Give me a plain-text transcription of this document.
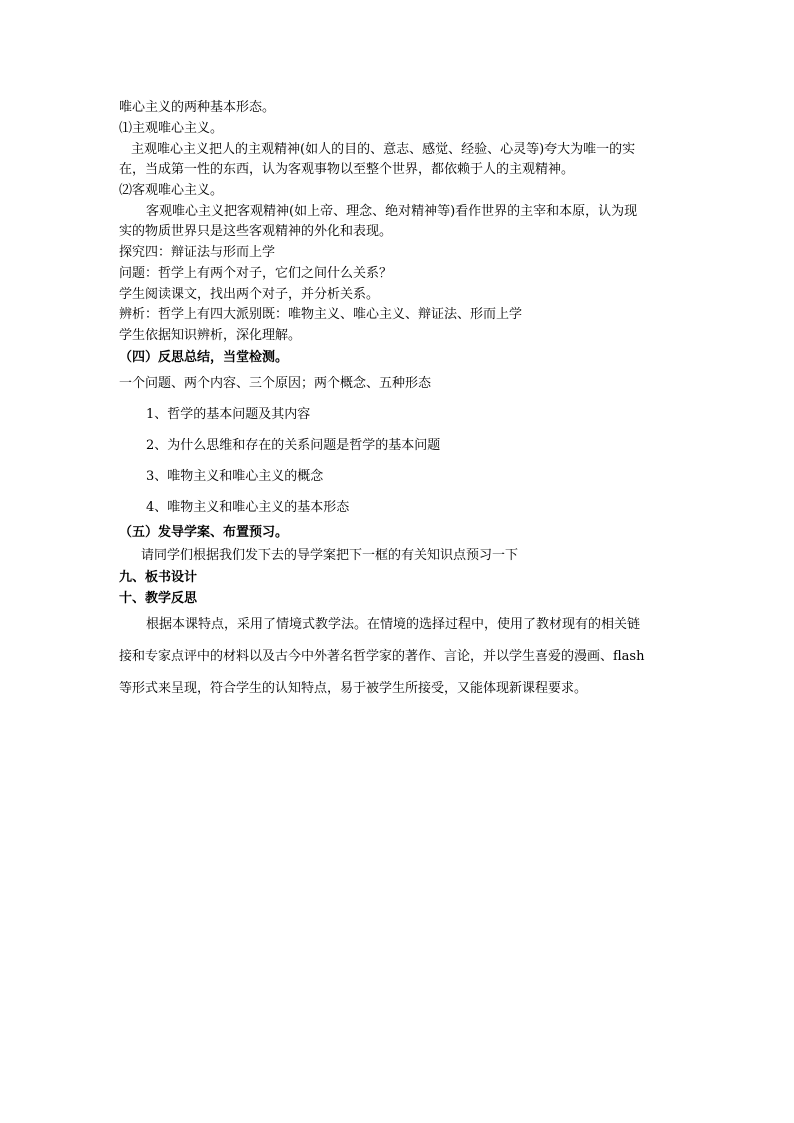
唯心主义的两种基本形态。
⑴主观唯心主义。
主观唯心主义把人的主观精神(如人的目的、意志、感觉、经验、心灵等)夸大为唯一的实
在，当成第一性的东西，认为客观事物以至整个世界，都依赖于人的主观精神。
⑵客观唯心主义。
客观唯心主义把客观精神(如上帝、理念、绝对精神等)看作世界的主宰和本原，认为现
实的物质世界只是这些客观精神的外化和表现。
探究四：辩证法与形而上学
问题：哲学上有两个对子，它们之间什么关系？
学生阅读课文，找出两个对子，并分析关系。
辨析：哲学上有四大派别既：唯物主义、唯心主义、辩证法、形而上学
学生依据知识辨析，深化理解。
（四）反思总结，当堂检测。
一个问题、两个内容、三个原因；两个概念、五种形态
1、哲学的基本问题及其内容
2、为什么思维和存在的关系问题是哲学的基本问题
3、唯物主义和唯心主义的概念
4、唯物主义和唯心主义的基本形态
（五）发导学案、布置预习。
请同学们根据我们发下去的导学案把下一框的有关知识点预习一下
九、板书设计
十、教学反思
根据本课特点，采用了情境式教学法。在情境的选择过程中，使用了教材现有的相关链
接和专家点评中的材料以及古今中外著名哲学家的著作、言论，并以学生喜爱的漫画、flash
等形式来呈现，符合学生的认知特点，易于被学生所接受，又能体现新课程要求。
